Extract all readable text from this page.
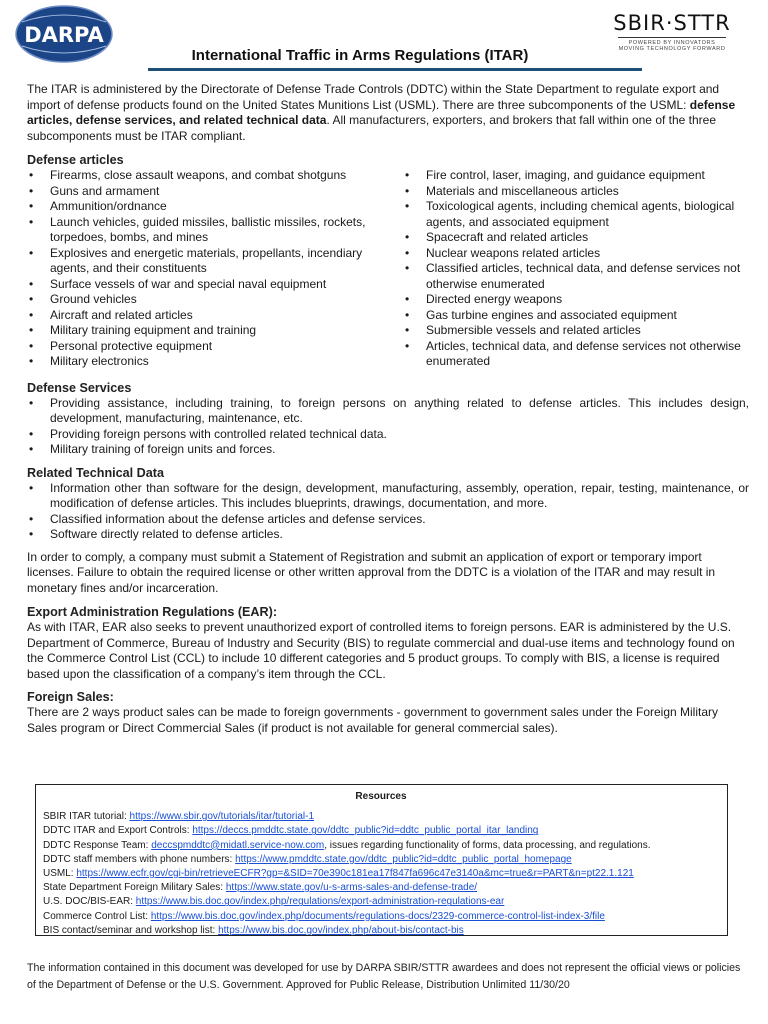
DARPA	SBIR·STTR
POWERED BY INNOVATORS
MOVING TECHNOLOGY FORWARD
International Traffic in Arms Regulations (ITAR)

The ITAR is administered by the Directorate of Defense Trade Controls (DDTC) within the State Department to regulate export and import of defense products found on the United States Munitions List (USML). There are three subcomponents of the USML: defense articles, defense services, and related technical data. All manufacturers, exporters, and brokers that fall within one of the three subcomponents must be ITAR compliant.

Defense articles
• Firearms, close assault weapons, and combat shotguns
• Guns and armament
• Ammunition/ordnance
• Launch vehicles, guided missiles, ballistic missiles, rockets, torpedoes, bombs, and mines
• Explosives and energetic materials, propellants, incendiary agents, and their constituents
• Surface vessels of war and special naval equipment
• Ground vehicles
• Aircraft and related articles
• Military training equipment and training
• Personal protective equipment
• Military electronics
• Fire control, laser, imaging, and guidance equipment
• Materials and miscellaneous articles
• Toxicological agents, including chemical agents, biological agents, and associated equipment
• Spacecraft and related articles
• Nuclear weapons related articles
• Classified articles, technical data, and defense services not otherwise enumerated
• Directed energy weapons
• Gas turbine engines and associated equipment
• Submersible vessels and related articles
• Articles, technical data, and defense services not otherwise enumerated
Defense Services
• Providing assistance, including training, to foreign persons on anything related to defense articles. This includes design, development, manufacturing, maintenance, etc.
• Providing foreign persons with controlled related technical data.
• Military training of foreign units and forces.
Related Technical Data
• Information other than software for the design, development, manufacturing, assembly, operation, repair, testing, maintenance, or modification of defense articles. This includes blueprints, drawings, documentation, and more.
• Classified information about the defense articles and defense services.
• Software directly related to defense articles.

In order to comply, a company must submit a Statement of Registration and submit an application of export or temporary import licenses. Failure to obtain the required license or other written approval from the DDTC is a violation of the ITAR and may result in monetary fines and/or incarceration.

Export Administration Regulations (EAR):

As with ITAR, EAR also seeks to prevent unauthorized export of controlled items to foreign persons. EAR is administered by the U.S. Department of Commerce, Bureau of Industry and Security (BIS) to regulate commercial and dual-use items and technology found on the Commerce Control List (CCL) to include 10 different categories and 5 product groups. To comply with BIS, a license is required based upon the classification of a company’s item through the CCL.

Foreign Sales:

There are 2 ways product sales can be made to foreign governments - government to government sales under the Foreign Military Sales program or Direct Commercial Sales (if product is not available for general commercial sales).

Resources
SBIR ITAR tutorial: https://www.sbir.gov/tutorials/itar/tutorial-1
DDTC ITAR and Export Controls: https://deccs.pmddtc.state.gov/ddtc_public?id=ddtc_public_portal_itar_landing
DDTC Response Team: deccspmddtc@midatl.service-now.com, issues regarding functionality of forms, data processing, and regulations.
DDTC staff members with phone numbers: https://www.pmddtc.state.gov/ddtc_public?id=ddtc_public_portal_homepage
USML: https://www.ecfr.gov/cgi-bin/retrieveECFR?gp=&SID=70e390c181ea17f847fa696c47e3140a&mc=true&r=PART&n=pt22.1.121
State Department Foreign Military Sales: https://www.state.gov/u-s-arms-sales-and-defense-trade/
U.S. DOC/BIS-EAR: https://www.bis.doc.gov/index.php/regulations/export-administration-regulations-ear
Commerce Control List: https://www.bis.doc.gov/index.php/documents/regulations-docs/2329-commerce-control-list-index-3/file
BIS contact/seminar and workshop list: https://www.bis.doc.gov/index.php/about-bis/contact-bis

The information contained in this document was developed for use by DARPA SBIR/STTR awardees and does not represent the official views or policies of the Department of Defense or the U.S. Government. Approved for Public Release, Distribution Unlimited 11/30/20
